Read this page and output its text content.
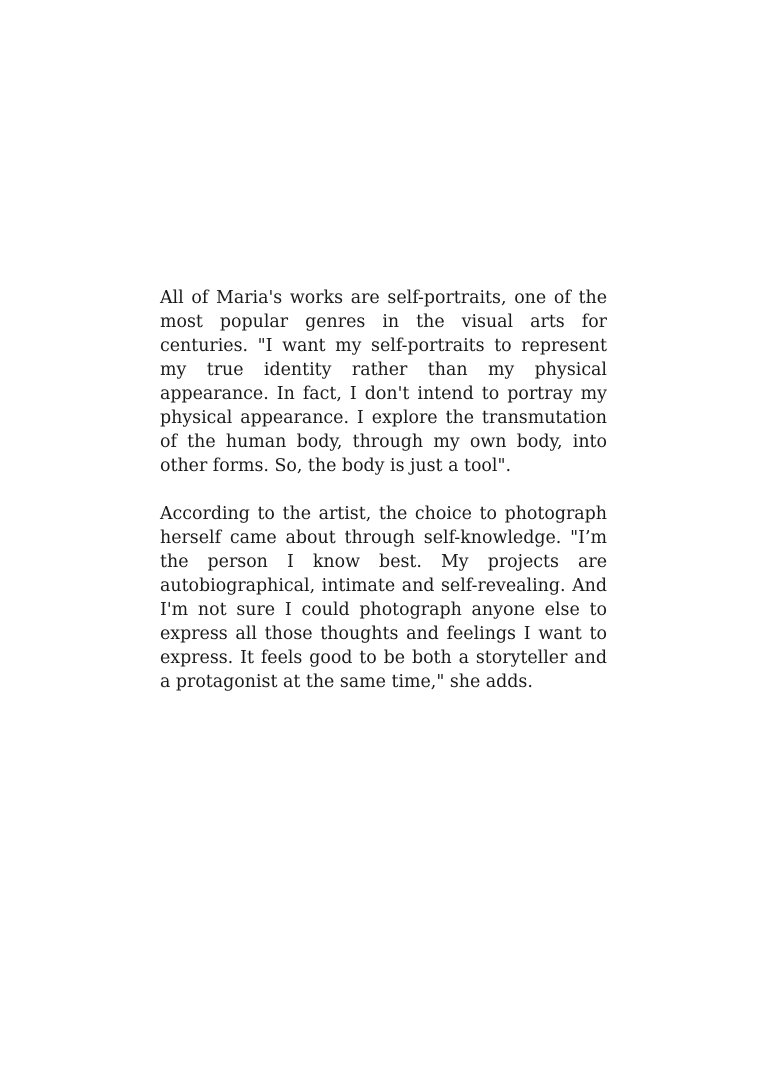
All of Maria's works are self-portraits, one of the most popular genres in the visual arts for centuries. "I want my self-portraits to represent my true identity rather than my physical appearance. In fact, I don't intend to portray my physical appearance. I explore the transmutation of the human body, through my own body, into other forms. So, the body is just a tool".

According to the artist, the choice to photograph herself came about through self-knowledge. "I’m the person I know best. My projects are autobiographical, intimate and self-revealing. And I'm not sure I could photograph anyone else to express all those thoughts and feelings I want to express. It feels good to be both a storyteller and a protagonist at the same time," she adds.
